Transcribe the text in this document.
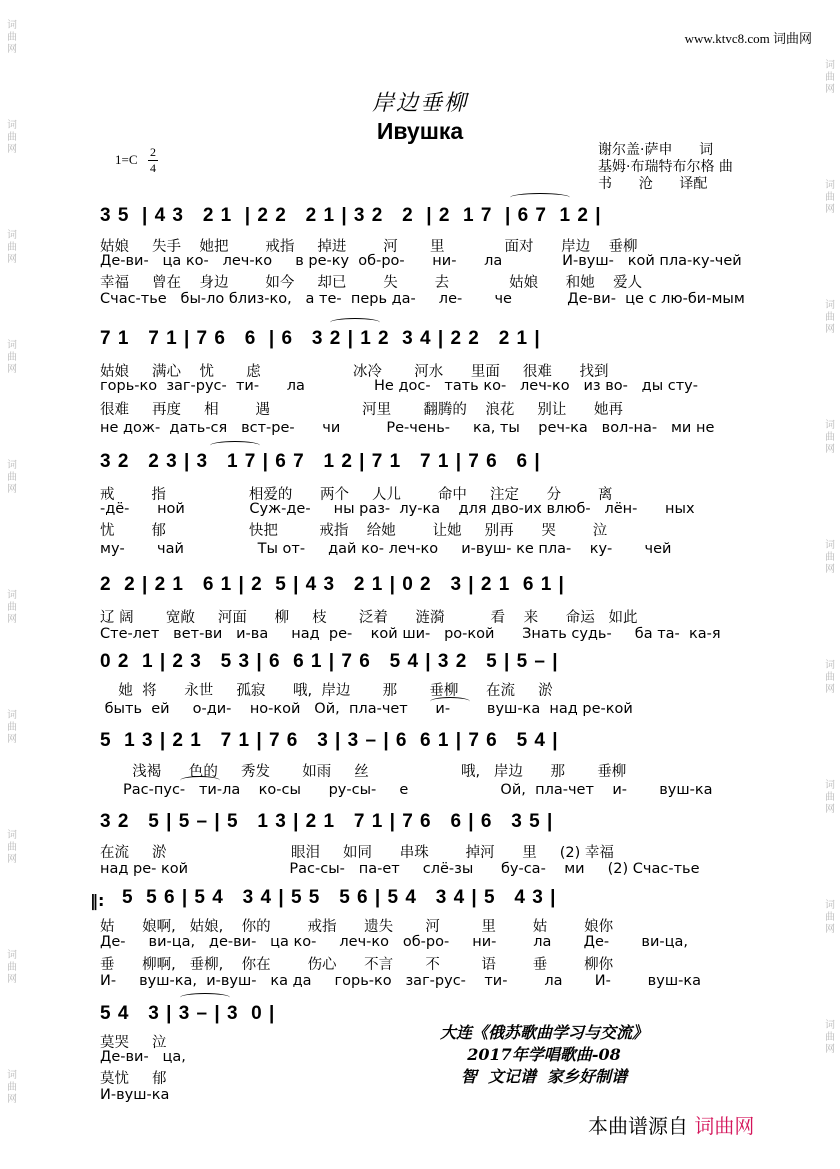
www.ktvc8.com 词曲网
词曲网
词曲网
词曲网
词曲网
词曲网
词曲网
词曲网
词曲网
词曲网
词曲网
词曲网
词曲网
词曲网
词曲网
词曲网
词曲网
词曲网
词曲网
词曲网
岸边垂柳
Ивушка
1=C 2
4
谢尔盖·萨申      词
基姆·布瑞特布尔格 曲
书      沧      译配
3 5  | 4 3   2 1  | 2 2   2 1 | 3 2   2  | 2  1 7  | 6 7  1 2 |
姑娘     失手    她把        戒指     掉进        河       里             面对      岸边    垂柳
Де-ви-   ца ко-   леч-ко     в ре-ку  об-ро-      ни-      ла             И-вуш-   кой пла-ку-чей
幸福     曾在    身边        如今     却已        失        去             姑娘      和她    爱人
Счас-тье   бы-ло близ-ко,   а те-  перь да-     ле-       че            Де-ви-  це с лю-би-мым
7 1   7 1 | 7 6   6  | 6   3 2 | 1 2  3 4 | 2 2   2 1 |
姑娘     满心    忧       虑                    冰冷       河水      里面     很难      找到
горь-ко  заг-рус-  ти-      ла               Не дос-   тать ко-   леч-ко   из во-   ды сту-
很难     再度     相        遇                    河里       翻腾的    浪花     别让      她再
не дож-  дать-ся   вст-ре-      чи          Ре-чень-     ка, ты    реч-ка   вол-на-   ми не
3 2   2 3 | 3   1 7 | 6 7   1 2 | 7 1   7 1 | 7 6   6 |
戒        指                  相爱的      两个     人儿        命中     注定      分        离
-дё-      ной              Суж-де-     ны раз-  лу-ка    для дво-их влюб-   лён-      ных
忧        郁                  快把         戒指    给她        让她     别再      哭        泣
му-       чай                Ты от-     дай ко- леч-ко     и-вуш- ке пла-    ку-       чей
2  2 | 2 1   6 1 | 2  5 | 4 3   2 1 | 0 2   3 | 2 1  6 1 |
辽 阔       宽敞     河面      柳     枝       泛着      涟漪          看    来      命运   如此
Сте-лет   вет-ви   и-ва     над  ре-    кой ши-   ро-кой      Знать судь-     ба та-  ка-я
0 2  1 | 2 3   5 3 | 6  6 1 | 7 6   5 4 | 3 2   5 | 5 – |
她  将      永世     孤寂      哦,  岸边       那       垂柳      在流     淤
быть  ей     о-ди-    но-кой   Ой,  пла-чет      и-        вуш-ка  над ре-кой
5  1 3 | 2 1   7 1 | 7 6   3 | 3 – | 6  6 1 | 7 6   5 4 |
浅褐      色的     秀发       如雨     丝                    哦,   岸边      那       垂柳
Рас-пус-   ти-ла    ко-сы      ру-сы-     е                    Ой,  пла-чет    и-       вуш-ка
3 2   5 | 5 – | 5   1 3 | 2 1   7 1 | 7 6   6 | 6   3 5 |
在流     淤                           眼泪     如同      串珠        掉河      里     (2) 幸福
над ре- кой                      Рас-сы-   па-ет     слё-зы      бу-са-    ми     (2) Счас-тье
5  5 6 | 5 4   3 4 | 5 5   5 6 | 5 4   3 4 | 5   4 3 |
‖:
姑      娘啊,   姑娘,    你的        戒指      遗失       河         里        姑        娘你
Де-     ви-ца,   де-ви-   ца ко-     леч-ко   об-ро-     ни-        ла       Де-       ви-ца,
垂      柳啊,   垂柳,    你在        伤心      不言       不         语        垂        柳你
И-     вуш-ка,  и-вуш-   ка да     горь-ко   заг-рус-    ти-        ла       И-        вуш-ка
5 4   3 | 3 – | 3  0 |
莫哭     泣
Де-ви-   ца,
莫忧     郁
И-вуш-ка
大连《俄苏歌曲学习与交流》
2017年学唱歌曲-08
智  文记谱  家乡好制谱
本曲谱源自 词曲网
